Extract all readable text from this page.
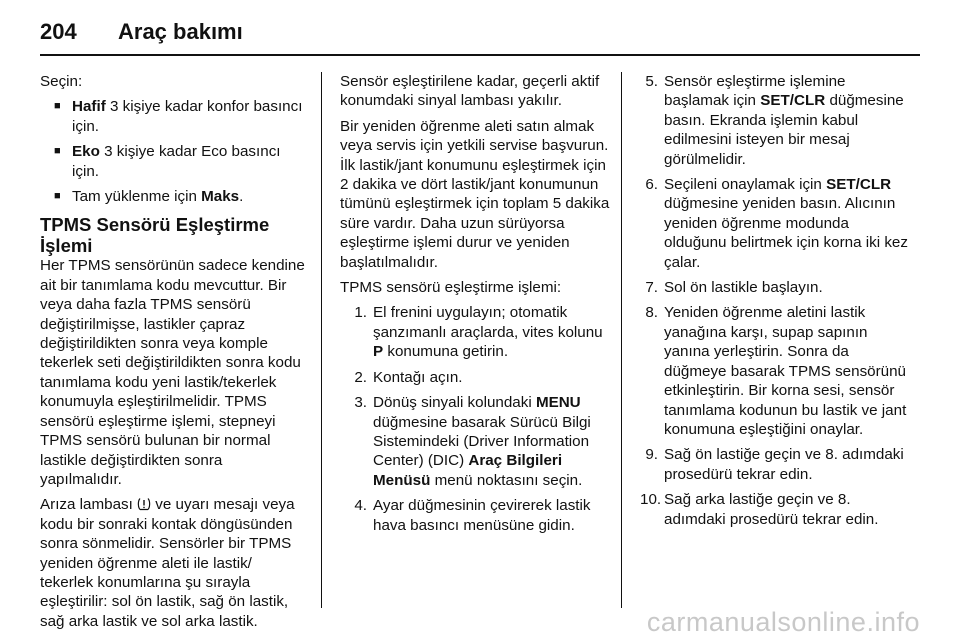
204	Araç bakımı

Seçin:

■ Hafif 3 kişiye kadar konfor basıncı için.
■ Eko 3 kişiye kadar Eco basıncı için.
■ Tam yüklenme için Maks.
TPMS Sensörü Eşleştirme İşlemi

Her TPMS sensörünün sadece kendine ait bir tanımlama kodu mevcuttur. Bir veya daha fazla TPMS sensörü değiştirilmişse, lastikler çapraz değiştirildikten sonra veya komple tekerlek seti değiştirildikten sonra kodu tanımlama kodu yeni lastik/tekerlek konumuyla eşleştirilmelidir. TPMS sensörü eşleştirme işlemi, stepneyi TPMS sensörü bulunan bir normal lastikle değiştirdikten sonra yapılmalıdır.

Arıza lambası  ve uyarı mesajı veya kodu bir sonraki kontak döngüsünden sonra sönmelidir. Sensörler bir TPMS yeniden öğrenme aleti ile lastik/ tekerlek konumlarına şu sırayla eşleştirilir: sol ön lastik, sağ ön lastik, sağ arka lastik ve sol arka lastik.

Sensör eşleştirilene kadar, geçerli aktif konumdaki sinyal lambası yakılır.

Bir yeniden öğrenme aleti satın almak veya servis için yetkili servise başvurun. İlk lastik/jant konumunu eşleştirmek için 2 dakika ve dört lastik/jant konumunun tümünü eşleştirmek için toplam 5 dakika süre vardır. Daha uzun sürüyorsa eşleştirme işlemi durur ve yeniden başlatılmalıdır.

TPMS sensörü eşleştirme işlemi:

1. El frenini uygulayın; otomatik şanzımanlı araçlarda, vites kolunu P konumuna getirin.
2. Kontağı açın.
3. Dönüş sinyali kolundaki MENU düğmesine basarak Sürücü Bilgi Sistemindeki (Driver Information Center) (DIC) Araç Bilgileri Menüsü menü noktasını seçin.
4. Ayar düğmesinin çevirerek lastik hava basıncı menüsüne gidin.
5. Sensör eşleştirme işlemine başlamak için SET/CLR düğmesine basın. Ekranda işlemin kabul edilmesini isteyen bir mesaj görülmelidir.
6. Seçileni onaylamak için SET/CLR düğmesine yeniden basın. Alıcının yeniden öğrenme modunda olduğunu belirtmek için korna iki kez çalar.
7. Sol ön lastikle başlayın.
8. Yeniden öğrenme aletini lastik yanağına karşı, supap sapının yanına yerleştirin. Sonra da düğmeye basarak TPMS sensörünü etkinleştirin. Bir korna sesi, sensör tanımlama kodunun bu lastik ve jant konumuna eşleştiğini onaylar.
9. Sağ ön lastiğe geçin ve 8. adımdaki prosedürü tekrar edin.
10. Sağ arka lastiğe geçin ve 8. adımdaki prosedürü tekrar edin.
carmanualsonline.info
